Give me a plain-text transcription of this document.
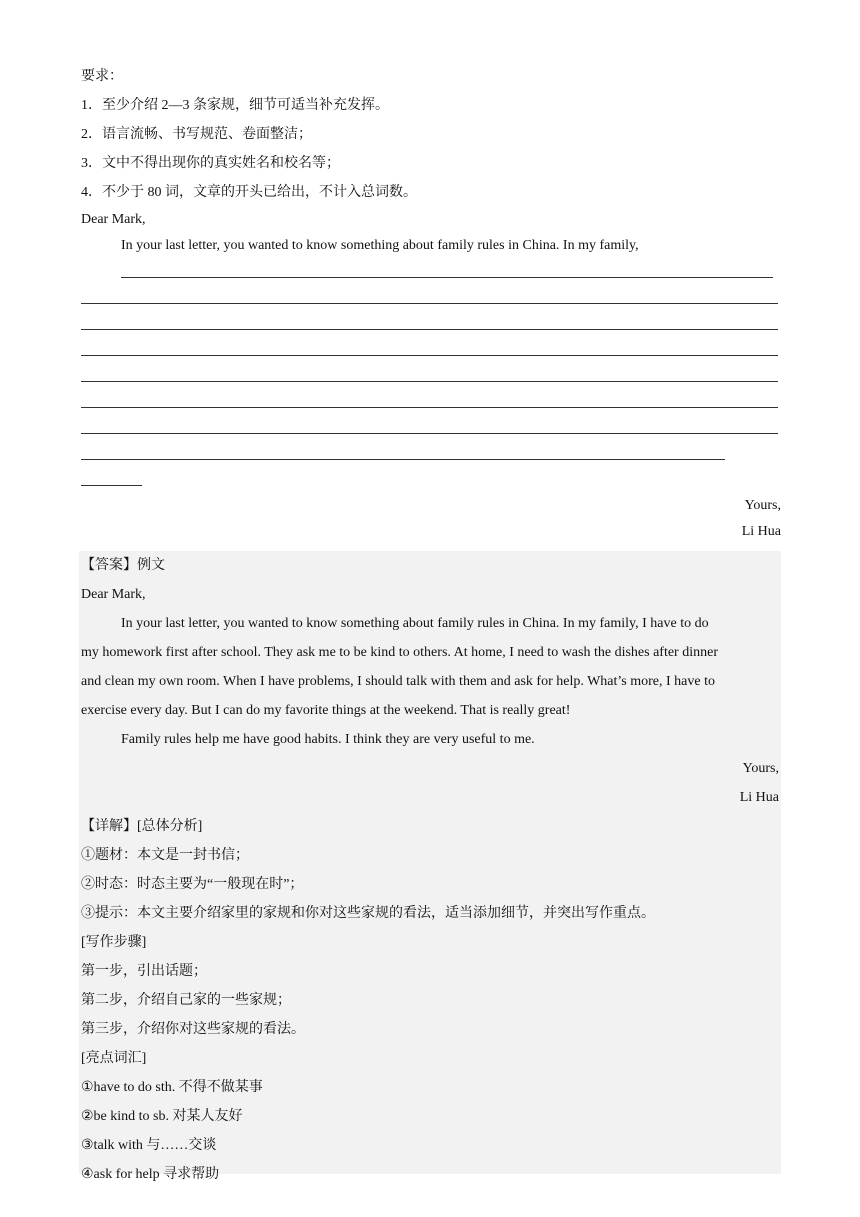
要求：
1．至少介绍 2—3 条家规，细节可适当补充发挥。
2．语言流畅、书写规范、卷面整洁；
3．文中不得出现你的真实姓名和校名等；
4．不少于 80 词，文章的开头已给出，不计入总词数。
Dear Mark,
In your last letter, you wanted to know something about family rules in China. In my family,
Yours,
Li Hua
【答案】例文
Dear Mark,
In your last letter, you wanted to know something about family rules in China. In my family, I have to do
my homework first after school. They ask me to be kind to others. At home, I need to wash the dishes after dinner
and clean my own room. When I have problems, I should talk with them and ask for help. What’s more, I have to
exercise every day. But I can do my favorite things at the weekend. That is really great!
Family rules help me have good habits. I think they are very useful to me.
Yours,
Li Hua
【详解】[总体分析]
①题材：本文是一封书信；
②时态：时态主要为“一般现在时”；
③提示：本文主要介绍家里的家规和你对这些家规的看法，适当添加细节，并突出写作重点。
[写作步骤]
第一步，引出话题；
第二步，介绍自己家的一些家规；
第三步，介绍你对这些家规的看法。
[亮点词汇]
①have to do sth. 不得不做某事
②be kind to sb. 对某人友好
③talk with 与……交谈
④ask for help 寻求帮助
